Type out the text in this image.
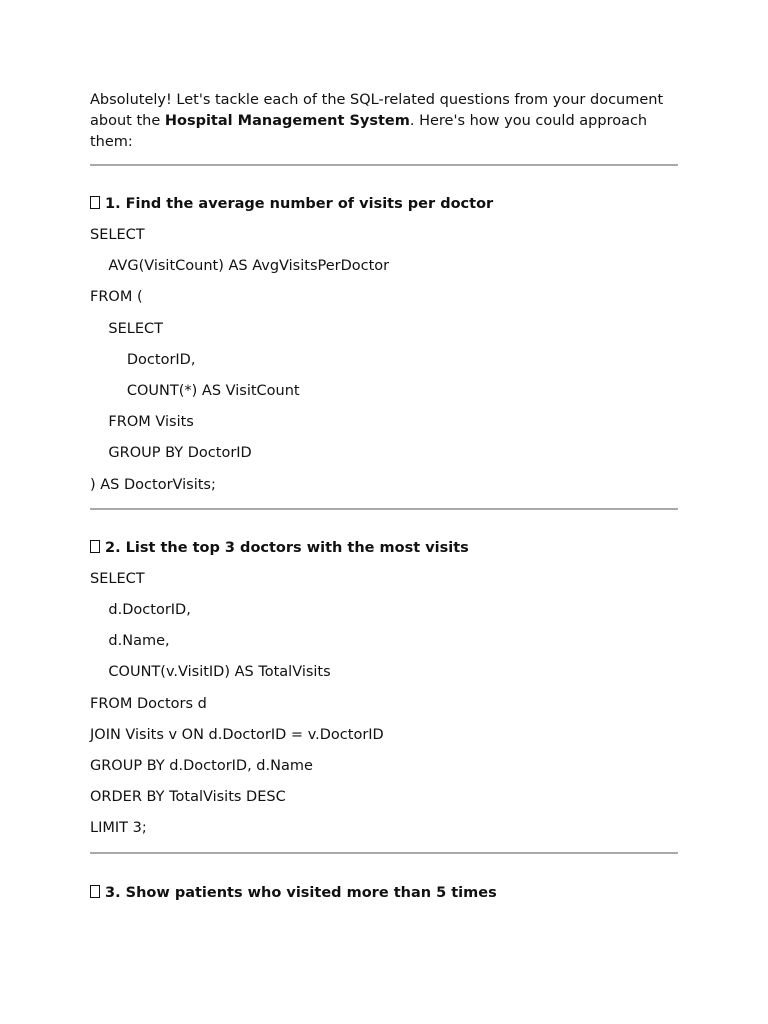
Absolutely! Let's tackle each of the SQL-related questions from your document about the Hospital Management System. Here's how you could approach them:

1. Find the average number of visits per doctor
SELECT
AVG(VisitCount) AS AvgVisitsPerDoctor
FROM (
SELECT
DoctorID,
COUNT(*) AS VisitCount
FROM Visits
GROUP BY DoctorID
) AS DoctorVisits;
2. List the top 3 doctors with the most visits
SELECT
d.DoctorID,
d.Name,
COUNT(v.VisitID) AS TotalVisits
FROM Doctors d
JOIN Visits v ON d.DoctorID = v.DoctorID
GROUP BY d.DoctorID, d.Name
ORDER BY TotalVisits DESC
LIMIT 3;
3. Show patients who visited more than 5 times
